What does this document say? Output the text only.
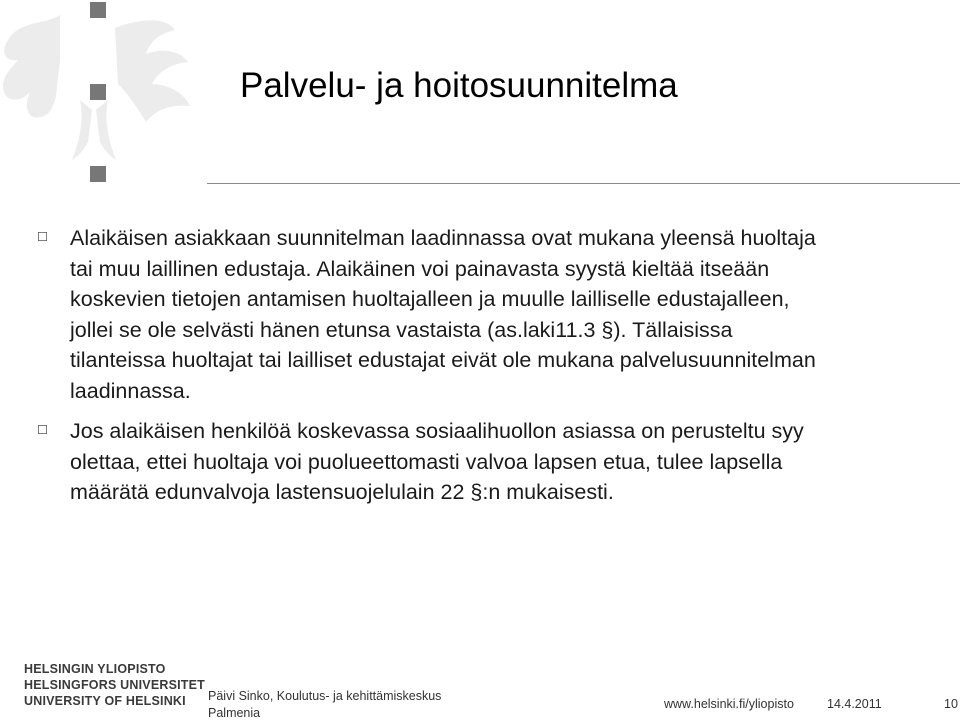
Palvelu- ja hoitosuunnitelma
Alaikäisen asiakkaan suunnitelman laadinnassa ovat mukana yleensä huoltaja
tai muu laillinen edustaja. Alaikäinen voi painavasta syystä kieltää itseään
koskevien tietojen antamisen huoltajalleen ja muulle lailliselle edustajalleen,
jollei se ole selvästi hänen etunsa vastaista (as.laki11.3 §). Tällaisissa
tilanteissa huoltajat tai lailliset edustajat eivät ole mukana palvelusuunnitelman
laadinnassa.
Jos alaikäisen henkilöä koskevassa sosiaalihuollon asiassa on perusteltu syy
olettaa, ettei huoltaja voi puolueettomasti valvoa lapsen etua, tulee lapsella
määrätä edunvalvoja lastensuojelulain 22 §:n mukaisesti.
HELSINGIN YLIOPISTO
HELSINGFORS UNIVERSITET
UNIVERSITY OF HELSINKI	Päivi Sinko, Koulutus- ja kehittämiskeskus
Palmenia
www.helsinki.fi/yliopisto	14.4.2011	10
